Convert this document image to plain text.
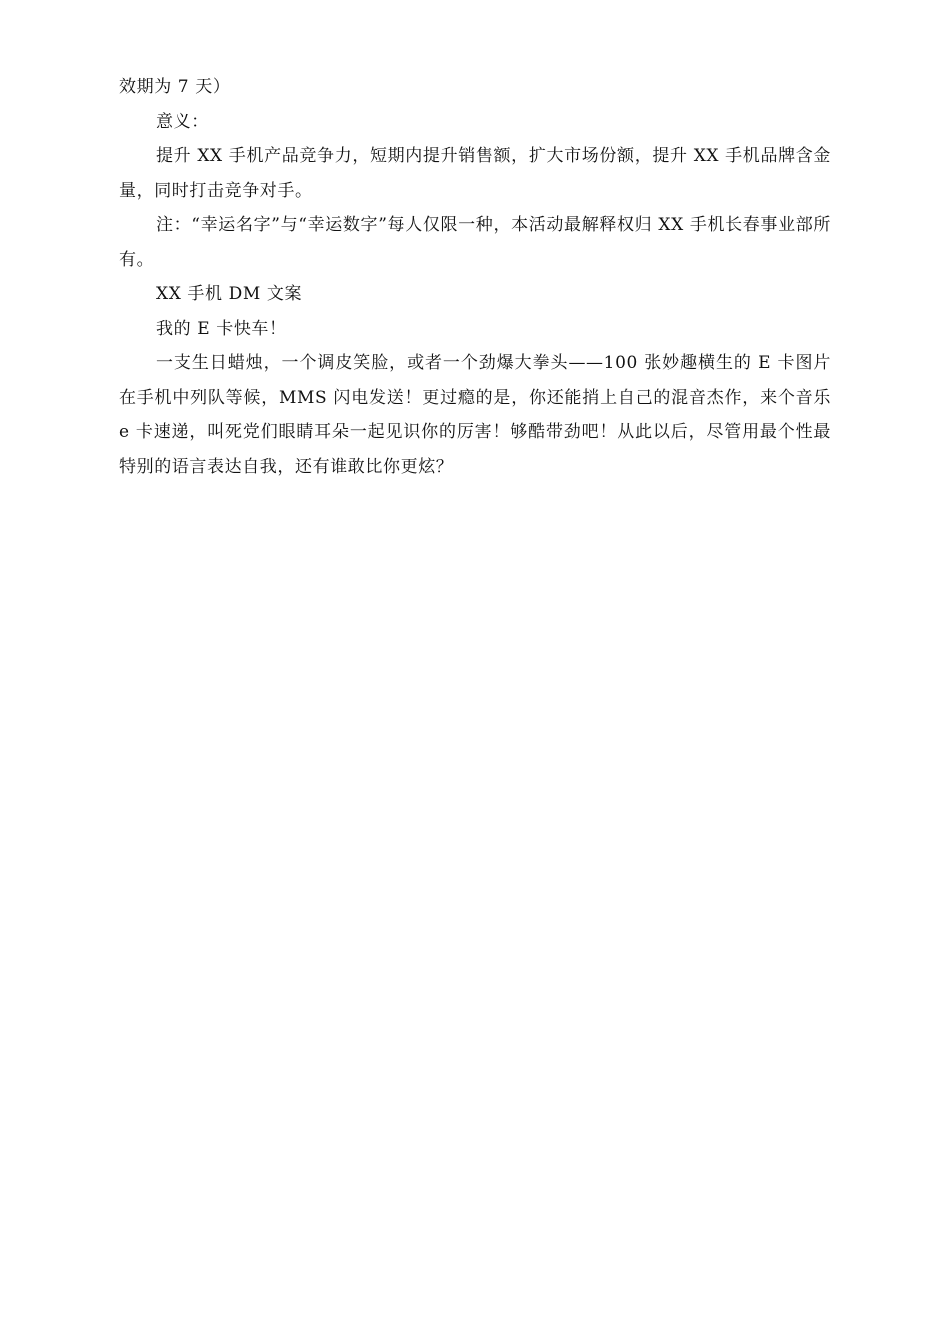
效期为 7 天）

意义：

提升 XX 手机产品竞争力，短期内提升销售额，扩大市场份额，提升 XX 手机品牌含金量，同时打击竞争对手。

注：“幸运名字”与“幸运数字”每人仅限一种，本活动最解释权归 XX 手机长春事业部所有。

XX 手机 DM 文案

我的 E 卡快车！

一支生日蜡烛，一个调皮笑脸，或者一个劲爆大拳头——100 张妙趣横生的 E 卡图片在手机中列队等候，MMS 闪电发送！更过瘾的是，你还能捎上自己的混音杰作，来个音乐 e 卡速递，叫死党们眼睛耳朵一起见识你的厉害！够酷带劲吧！从此以后，尽管用最个性最特别的语言表达自我，还有谁敢比你更炫？
